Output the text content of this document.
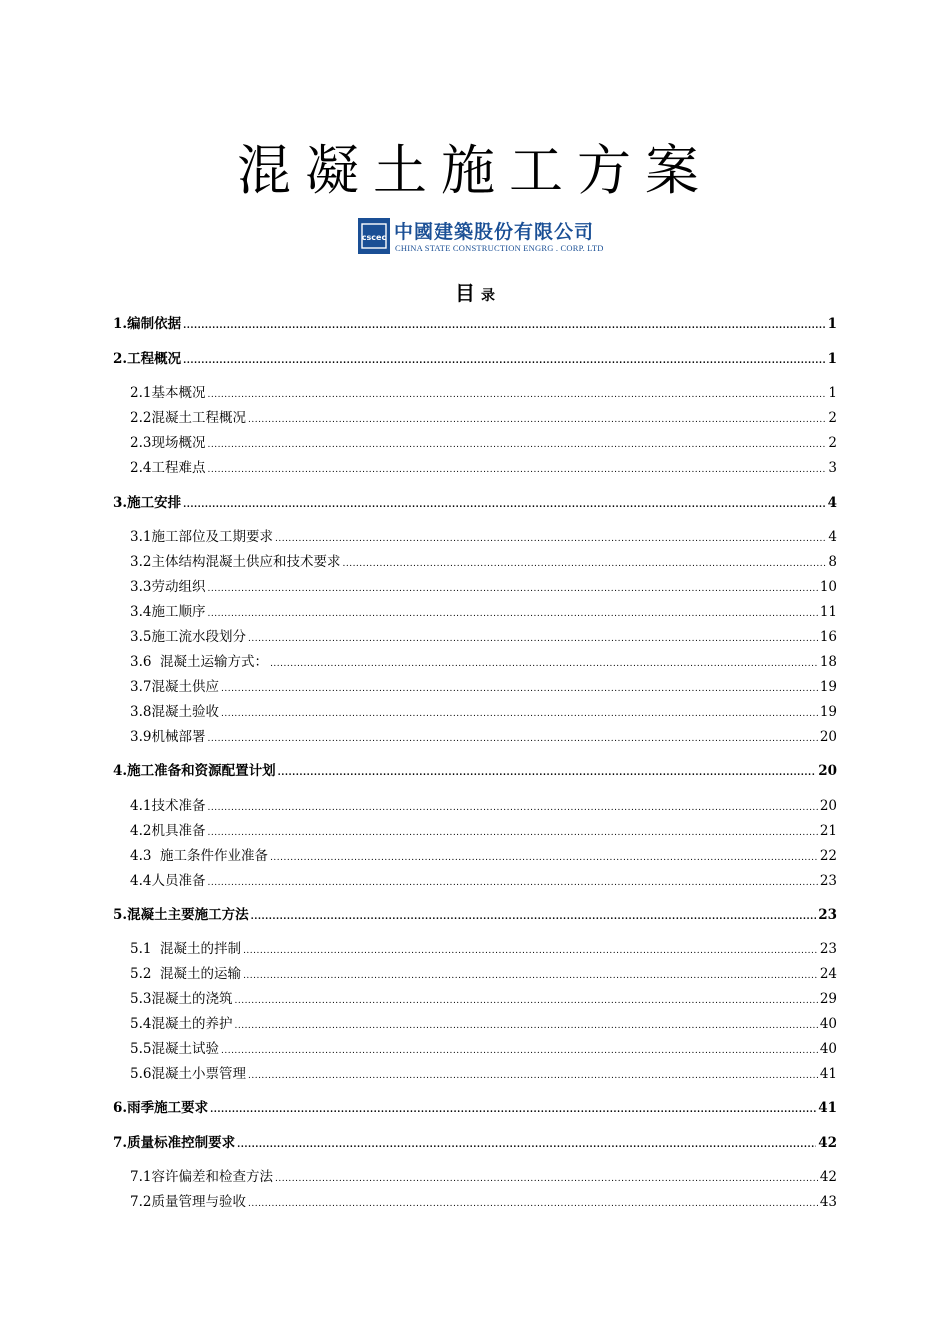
混凝土施工方案
cscec 中國建築股份有限公司
CHINA STATE CONSTRUCTION ENGRG . CORP. LTD
目 录
1.编制依据 .....	1
2.工程概况 .....	1
2.1基本概况 .....	1
2.2混凝土工程概况 .....	2
2.3现场概况 .....	2
2.4工程难点 .....	3
3.施工安排 .....	4
3.1施工部位及工期要求 .....	4
3.2主体结构混凝土供应和技术要求 .....	8
3.3劳动组织 .....	10
3.4施工顺序 .....	11
3.5施工流水段划分 .....	16
3.6  混凝土运输方式： .....	18
3.7混凝土供应 .....	19
3.8混凝土验收 .....	19
3.9机械部署 .....	20
4.施工准备和资源配置计划 .....	20
4.1技术准备 .....	20
4.2机具准备 .....	21
4.3  施工条件作业准备 .....	22
4.4人员准备 .....	23
5.混凝土主要施工方法 .....	23
5.1  混凝土的拌制 .....	23
5.2  混凝土的运输 .....	24
5.3混凝土的浇筑 .....	29
5.4混凝土的养护 .....	40
5.5混凝土试验 .....	40
5.6混凝土小票管理 .....	41
6.雨季施工要求 .....	41
7.质量标准控制要求 .....	42
7.1容许偏差和检查方法 .....	42
7.2质量管理与验收 .....	43
